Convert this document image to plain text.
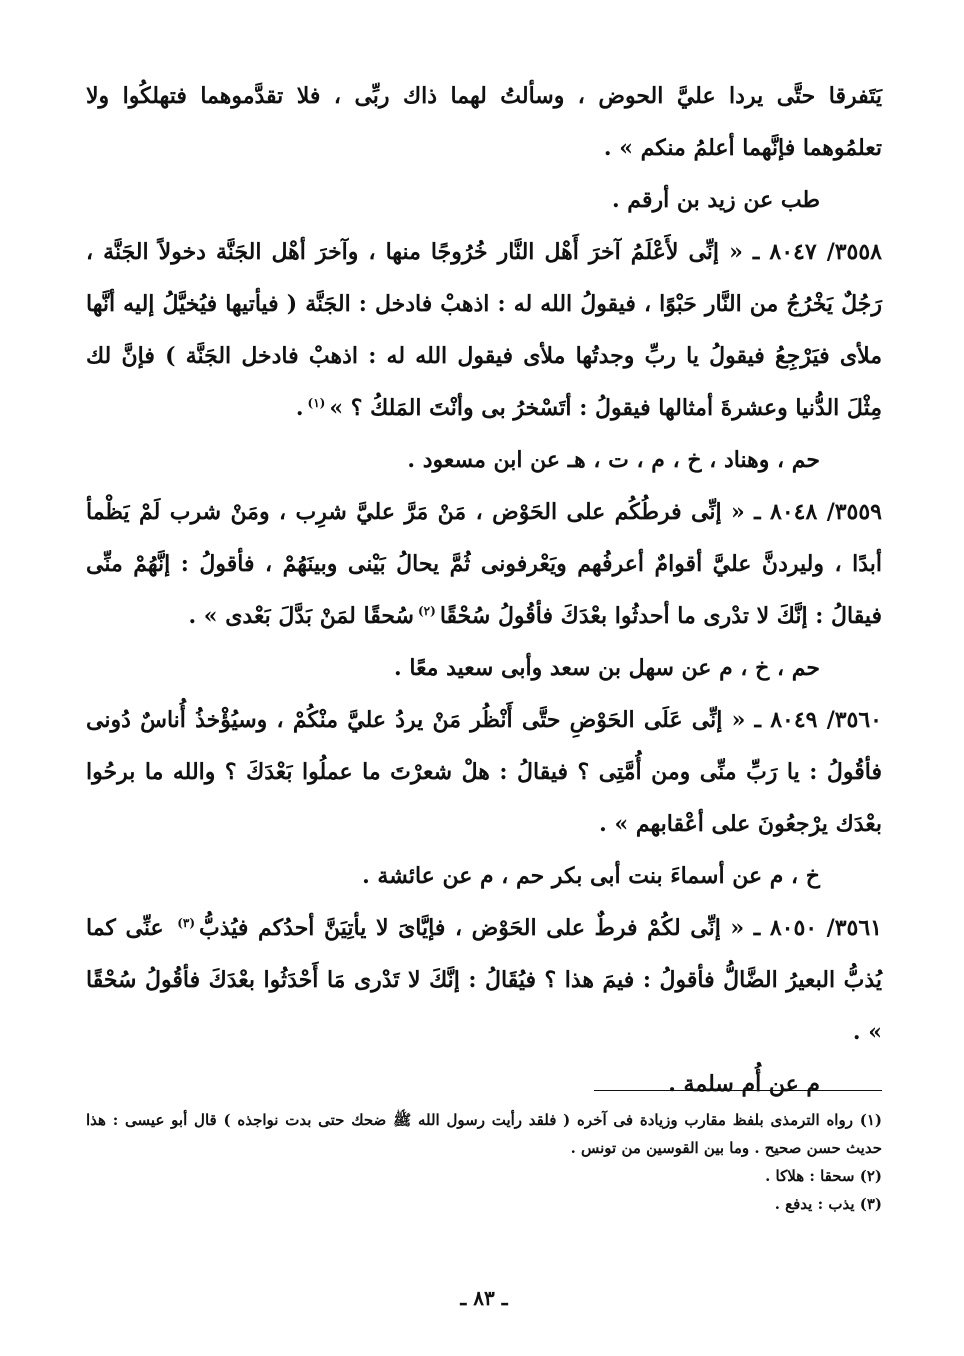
يَتَفرقا حتَّى يردا عليَّ الحوض ، وسألتُ لهما ذاك ربِّى ، فلا تقدَّموهما فتهلكُوا ولا تعلمُوهما فإنَّهما أعلمُ منكم » .

طب عن زيد بن أرقم .

٣٥٥٨/ ٨٠٤٧ ـ « إنِّى لأَعْلَمُ آخرَ أَهْل النَّار خُرُوجًا منها ، وآخرَ أهْل الجَنَّة دخولاً الجَنَّة ، رَجُلٌ يَخْرُجُ من النَّار حَبْوًا ، فيقولُ الله له : اذهبْ فادخل : الجَنَّة ( فيأتيها فيُخيَّلُ إليه أنَّها ملأى فيَرْجِعُ فيقولُ يا ربِّ وجدتُها ملأى فيقول الله له : اذهبْ فادخل الجَنَّة ) فإنَّ لك مِثْلَ الدُّنيا وعشرةَ أمثالها فيقولُ : أتَسْخرُ بى وأنْتَ المَلكُ ؟ »$^{(١)}$.

حم ، وهناد ، خ ، م ، ت ، هـ عن ابن مسعود .

٣٥٥٩/ ٨٠٤٨ ـ « إنِّى فرطُكُم على الحَوْض ، مَنْ مَرَّ عليَّ شرِب ، ومَنْ شرب لَمْ يَظْمأ أبدًا ، وليردنَّ عليَّ أقوامٌ أعرفُهم ويَعْرفونى ثُمَّ يحالُ بَيْنى وبينَهُمْ ، فأقولُ : إنَّهُمْ منِّى فيقالُ : إنَّكَ لا تدْرى ما أحدثُوا بعْدَكَ فأقُولُ سُحْقًا$^{(٢)}$سُحقًا لمَنْ بَدَّلَ بَعْدى » .

حم ، خ ، م عن سهل بن سعد وأبى سعيد معًا .

٣٥٦٠/ ٨٠٤٩ ـ « إنِّى عَلَى الحَوْضِ حتَّى أَنْظُر مَنْ يردُ عليَّ منْكُمْ ، وسيُؤْخذُ أُناسٌ دُونى فأقُولُ : يا رَبِّ منِّى ومن أُمَّتِى ؟ فيقالُ : هلْ شعرْتَ ما عملُوا بَعْدَكَ ؟ والله ما برحُوا بعْدَك يرْجعُونَ على أعْقابهم » .

خ ، م عن أسماءَ بنت أبى بكر حم ، م عن عائشة .

٣٥٦١/ ٨٠٥٠ ـ « إنِّى لكُمْ فرطٌ على الحَوْض ، فإيَّاىَ لا يأتِيَنَّ أحدُكم فيُذبُّ$^{(٣)}$ عنِّى كما يُذبُّ البعيرُ الضَّالُّ فأقولُ : فيمَ هذا ؟ فيُقَالُ : إنَّكَ لا تَدْرى مَا أَحْدَثُوا بعْدَكَ فأقُولُ سُحْقًا » .

م عن أُم سلمة .

(١) رواه الترمذى بلفظ مقارب وزيادة فى آخره ( فلقد رأيت رسول الله ﷺ ضحك حتى بدت نواجذه ) قال أبو عيسى : هذا حديث حسن صحيح . وما بين القوسين من تونس .

(٢) سحقا : هلاكا .

(٣) يذب : يدفع .

ـ ٨٣ ـ
